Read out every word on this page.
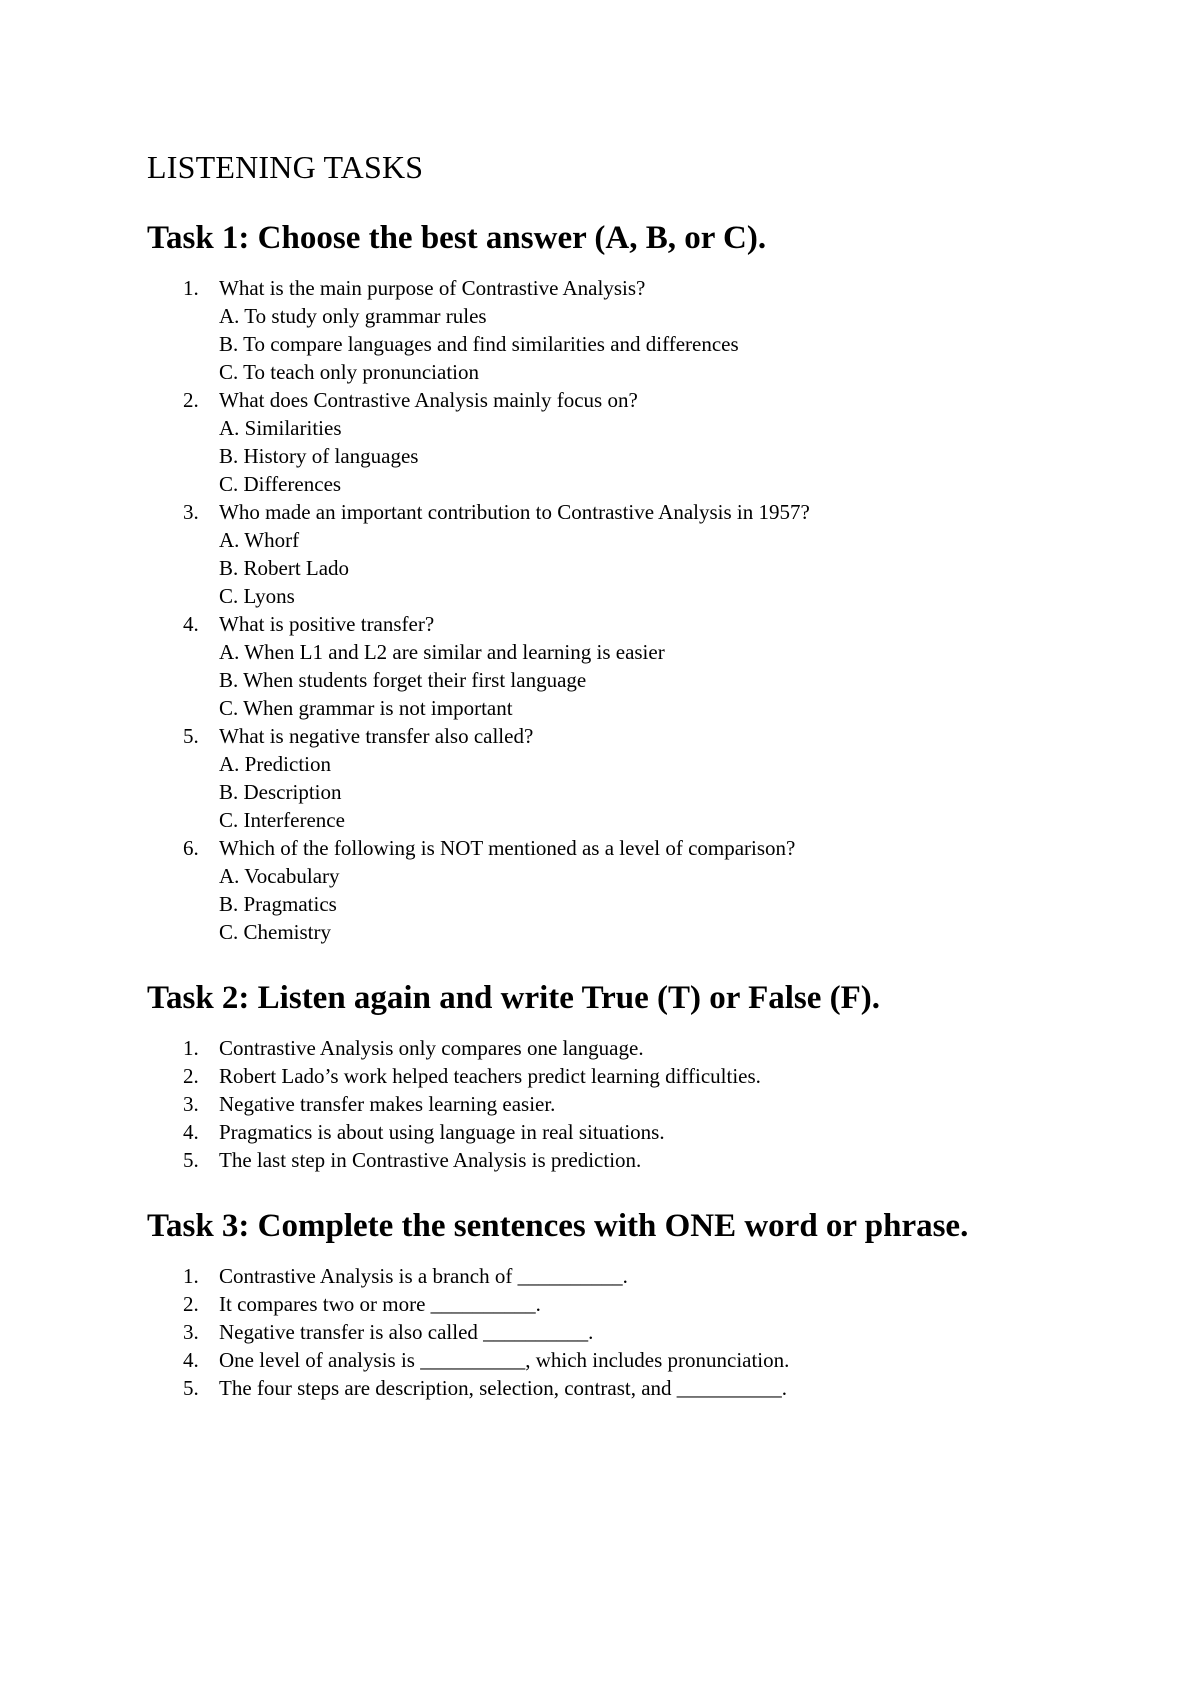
LISTENING TASKS
Task 1: Choose the best answer (A, B, or C).
1. What is the main purpose of Contrastive Analysis?
A. To study only grammar rules
B. To compare languages and find similarities and differences
C. To teach only pronunciation
2. What does Contrastive Analysis mainly focus on?
A. Similarities
B. History of languages
C. Differences
3. Who made an important contribution to Contrastive Analysis in 1957?
A. Whorf
B. Robert Lado
C. Lyons
4. What is positive transfer?
A. When L1 and L2 are similar and learning is easier
B. When students forget their first language
C. When grammar is not important
5. What is negative transfer also called?
A. Prediction
B. Description
C. Interference
6. Which of the following is NOT mentioned as a level of comparison?
A. Vocabulary
B. Pragmatics
C. Chemistry
Task 2: Listen again and write True (T) or False (F).
1. Contrastive Analysis only compares one language.
2. Robert Lado’s work helped teachers predict learning difficulties.
3. Negative transfer makes learning easier.
4. Pragmatics is about using language in real situations.
5. The last step in Contrastive Analysis is prediction.
Task 3: Complete the sentences with ONE word or phrase.
1. Contrastive Analysis is a branch of __________.
2. It compares two or more __________.
3. Negative transfer is also called __________.
4. One level of analysis is __________, which includes pronunciation.
5. The four steps are description, selection, contrast, and __________.
